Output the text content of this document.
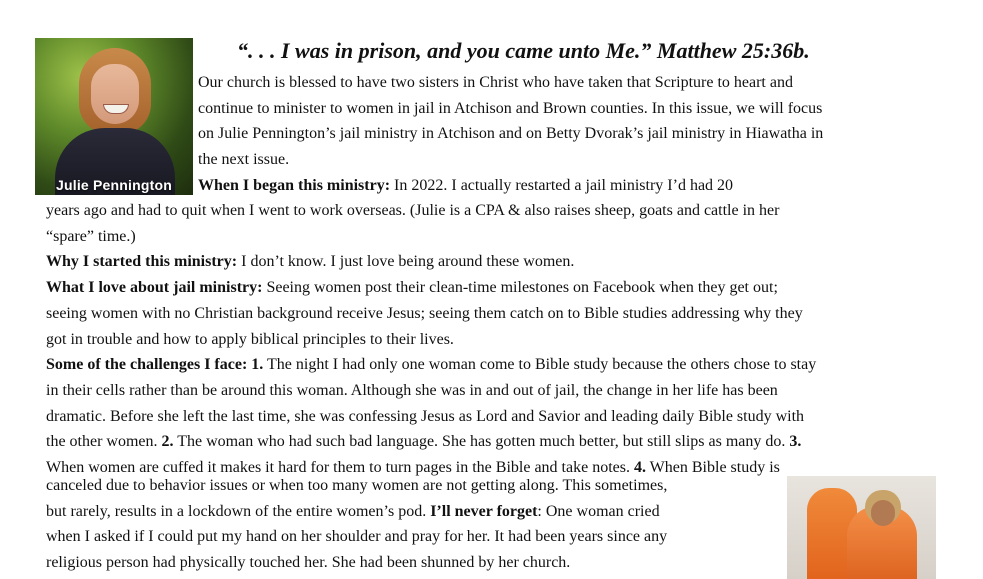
Julie Pennington
“. . . I was in prison, and you came unto Me.” Matthew 25:36b.
Our church is blessed to have two sisters in Christ who have taken that Scripture to heart and
continue to minister to women in jail in Atchison and Brown counties. In this issue, we will focus
on Julie Pennington’s jail ministry in Atchison and on Betty Dvorak’s jail ministry in Hiawatha in
the next issue.
When I began this ministry: In 2022. I actually restarted a jail ministry I’d had 20
years ago and had to quit when I went to work overseas. (Julie is a CPA & also raises sheep, goats and cattle in her
“spare” time.)
Why I started this ministry: I don’t know. I just love being around these women.
What I love about jail ministry: Seeing women post their clean-time milestones on Facebook when they get out;
seeing women with no Christian background receive Jesus; seeing them catch on to Bible studies addressing why they
got in trouble and how to apply biblical principles to their lives.
Some of the challenges I face: 1. The night I had only one woman come to Bible study because the others chose to stay
in their cells rather than be around this woman. Although she was in and out of jail, the change in her life has been
dramatic. Before she left the last time, she was confessing Jesus as Lord and Savior and leading daily Bible study with
the other women. 2. The woman who had such bad language. She has gotten much better, but still slips as many do. 3.
When women are cuffed it makes it hard for them to turn pages in the Bible and take notes. 4. When Bible study is
canceled due to behavior issues or when too many women are not getting along. This sometimes,
but rarely, results in a lockdown of the entire women’s pod. I’ll never forget: One woman cried
when I asked if I could put my hand on her shoulder and pray for her. It had been years since any
religious person had physically touched her. She had been shunned by her church.
